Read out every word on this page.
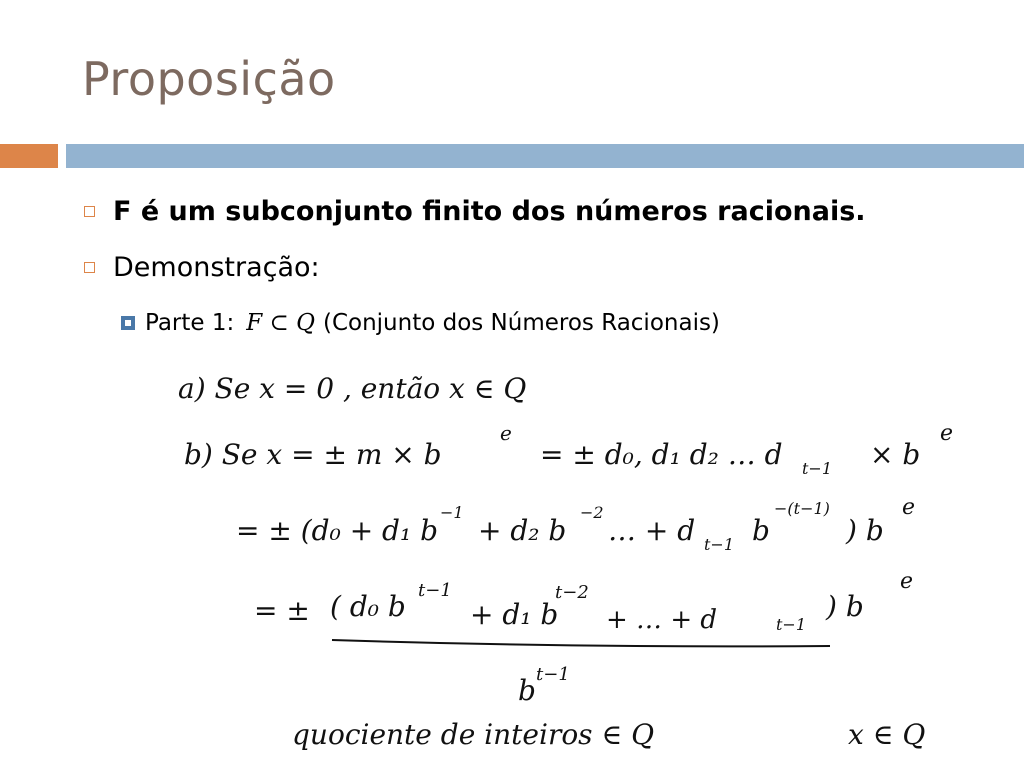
Proposição
F é um subconjunto finito dos números racionais.
Demonstração:
Parte 1: F ⊂ Q (Conjunto dos Números Racionais)
a) Se x = 0 , então x ∈ Q
b) Se x = ± m × b
e
= ± d₀, d₁ d₂ … d t−1 × b
e
= ± (d₀ + d₁ b
−1
+ d₂ b
−2
… + d t−1 b
−(t−1)
) b
e
= ± ( d₀ b t−1
+ d₁ b
t−2
+ … + d	t−1
) b
e
b t−1
quociente de inteiros ∈ Q	x ∈ Q
